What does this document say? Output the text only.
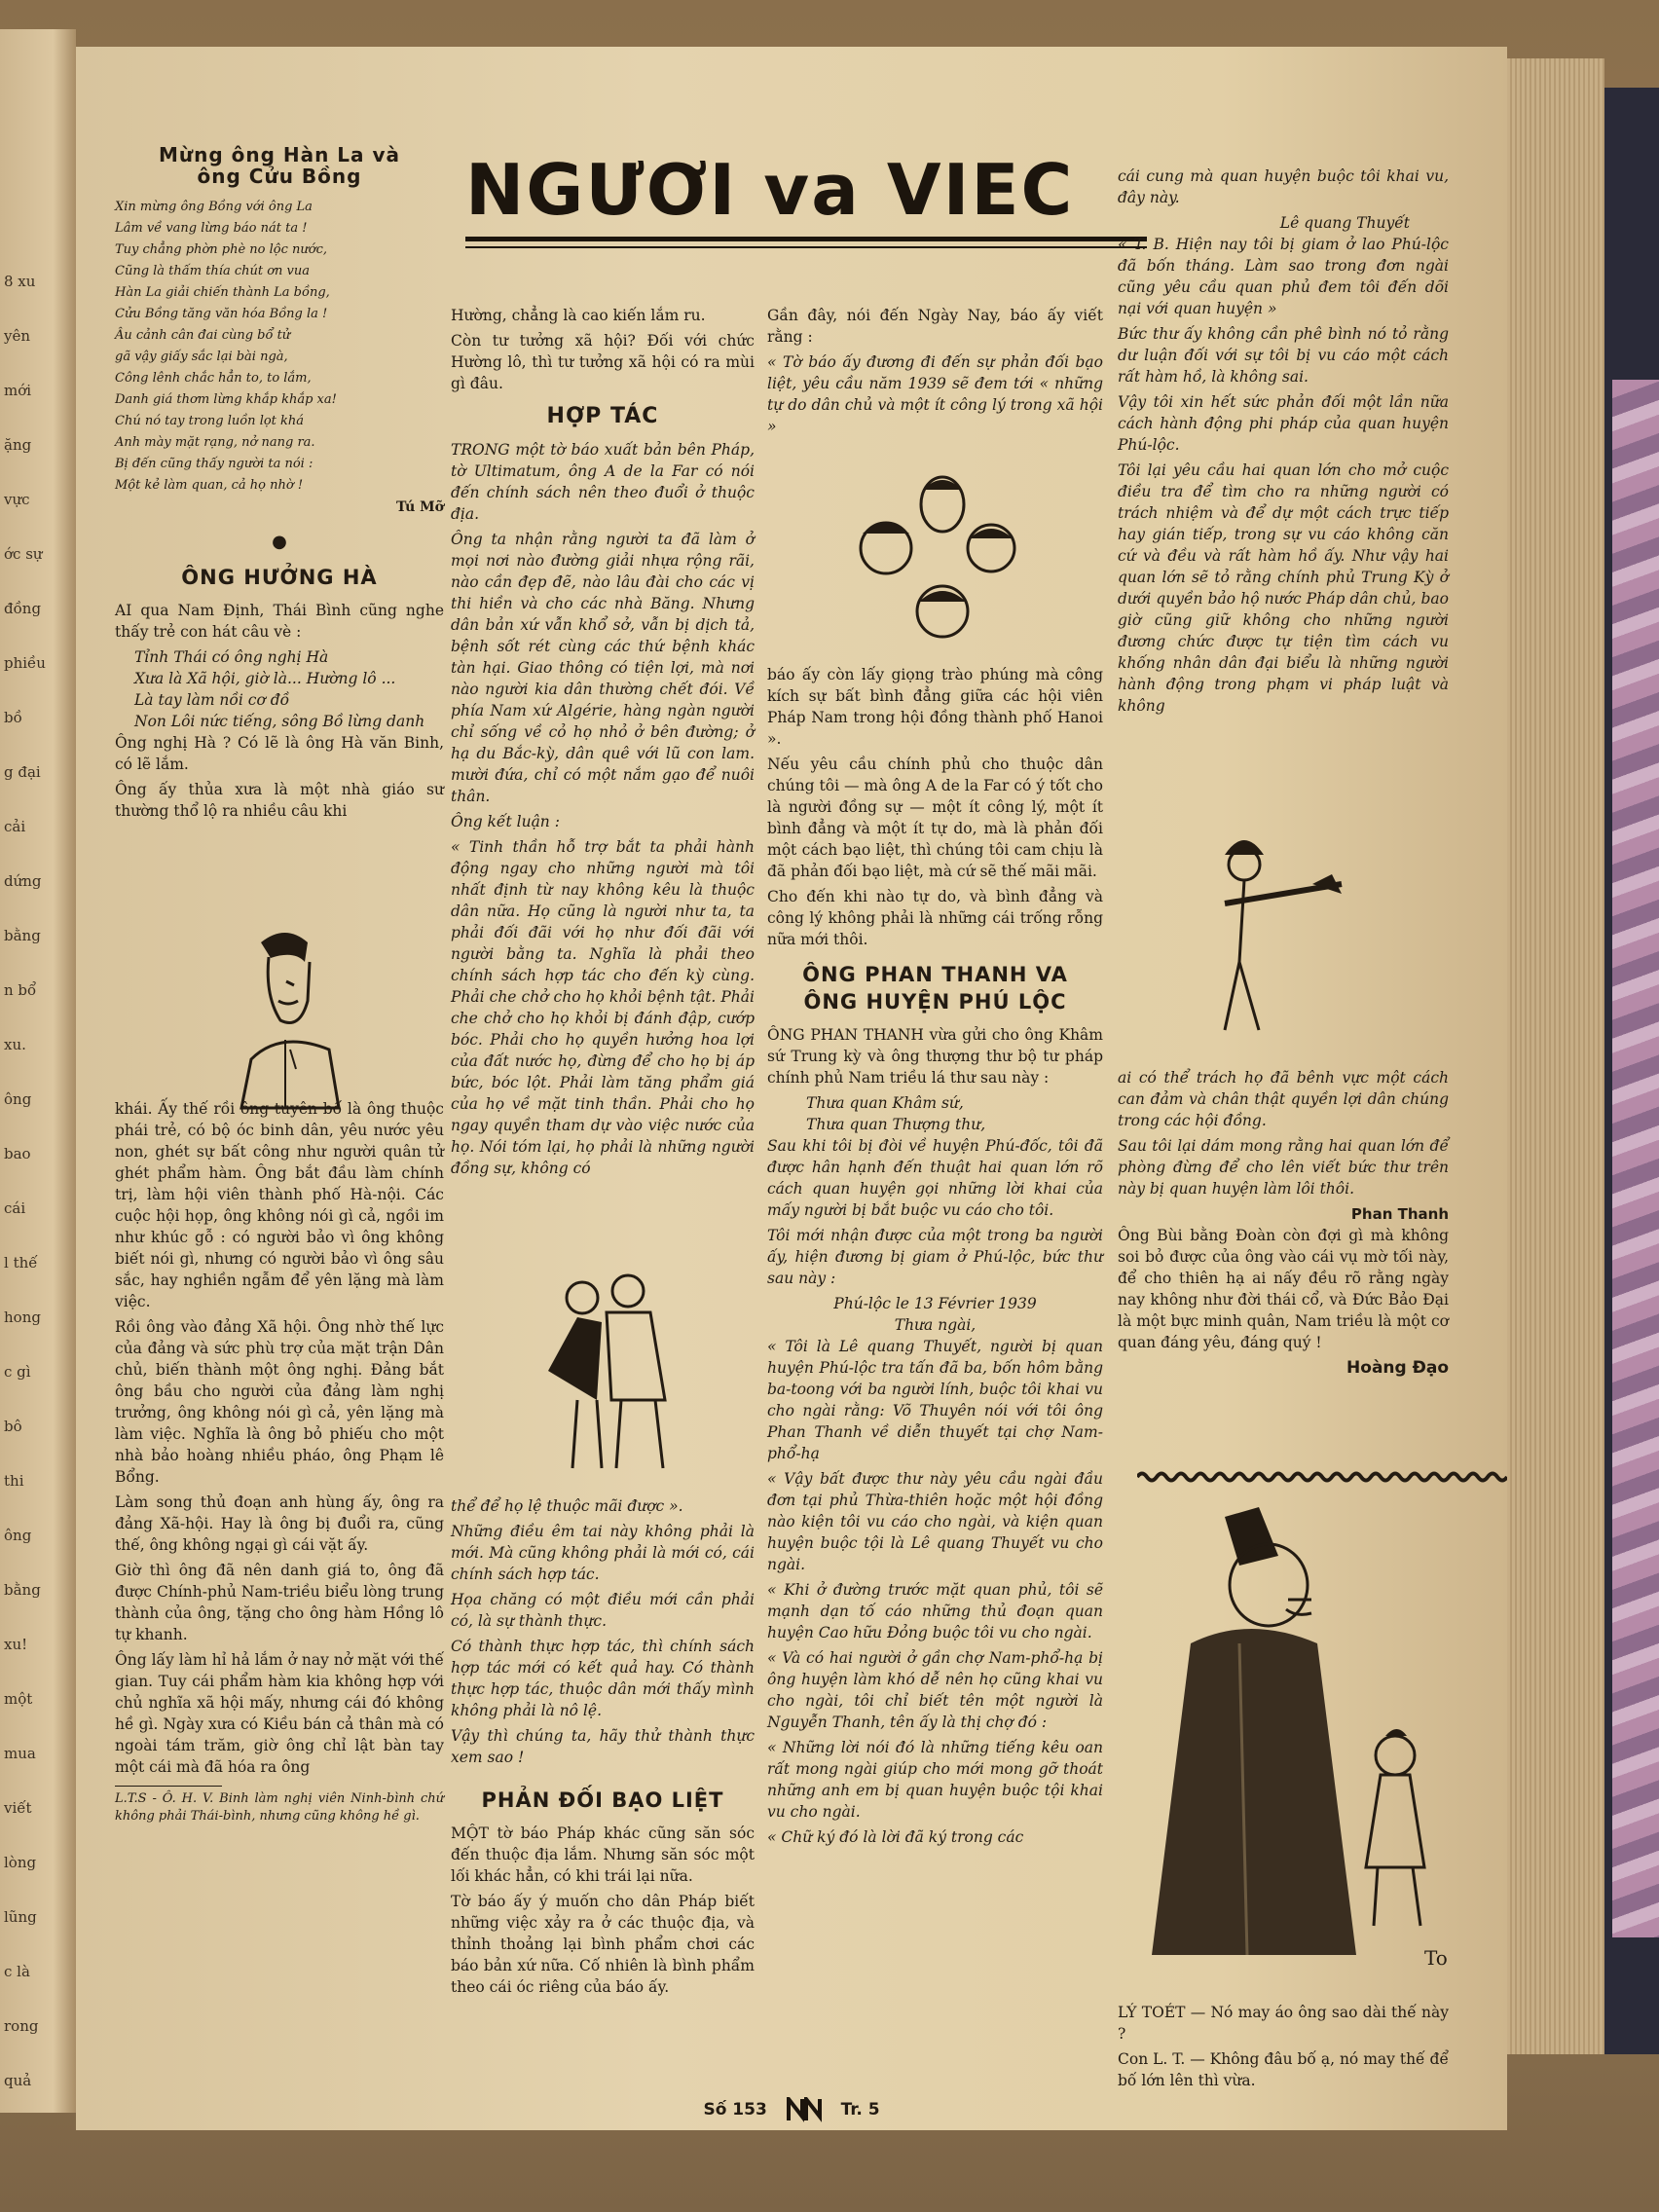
8 xu
yên
mới
ặng
vực
ớc sự
đồng
phiều
bồ
g đại
cải
dứng
bằng
n bổ
xu.
ông
bao
cái
l thế
hong
c gì
bô
thi
ông
bằng
xu!
một
mua
viết
lòng
lũng
c là
rong
quả
Mừng ông Hàn La và
ông Cửu Bồng
Xin mừng ông Bồng với ông La
Lâm về vang lừng báo nát ta !
Tuy chẳng phờn phè no lộc nước,
Cũng là thấm thía chút ơn vua
Hàn La giải chiến thành La bồng,
Cửu Bồng tăng văn hóa Bồng la !
Âu cảnh cân đai cùng bổ tử
gã vậy giấy sắc lại bài ngà,
Công lênh chắc hẳn to, to lắm,
Danh giá thơm lừng khắp khắp xa!
Chú nó tay trong luồn lọt khá
Anh mày mặt rạng, nở nang ra.
Bị đến cũng thấy người ta nói :
Một kẻ làm quan, cả họ nhờ !
Tú Mỡ
●
ÔNG HƯỞNG HÀ

AI qua Nam Định, Thái Bình cũng nghe thấy trẻ con hát câu vè :

Tỉnh Thái có ông nghị Hà
Xưa là Xã hội, giờ là... Hường lô ...
Là tay làm nồi cơ đồ
Non Lôi nức tiếng, sông Bồ lừng danh

Ông nghị Hà ? Có lẽ là ông Hà văn Binh, có lẽ lắm.

Ông ấy thủa xưa là một nhà giáo sư thường thổ lộ ra nhiều câu khi

khái. Ấy thế rồi ông tuyên bố là ông thuộc phái trẻ, có bộ óc binh dân, yêu nước yêu non, ghét sự bất công như người quân tử ghét phẩm hàm. Ông bắt đầu làm chính trị, làm hội viên thành phố Hà-nội. Các cuộc hội họp, ông không nói gì cả, ngồi im như khúc gỗ : có người bảo vì ông không biết nói gì, nhưng có người bảo vì ông sâu sắc, hay nghiền ngẫm để yên lặng mà làm việc.

Rồi ông vào đảng Xã hội. Ông nhờ thế lực của đảng và sức phù trợ của mặt trận Dân chủ, biến thành một ông nghị. Đảng bắt ông bầu cho người của đảng làm nghị trưởng, ông không nói gì cả, yên lặng mà làm việc. Nghĩa là ông bỏ phiếu cho một nhà bảo hoàng nhiều pháo, ông Phạm lê Bổng.

Làm song thủ đoạn anh hùng ấy, ông ra đảng Xã-hội. Hay là ông bị đuổi ra, cũng thế, ông không ngại gì cái vặt ấy.

Giờ thì ông đã nên danh giá to, ông đã được Chính-phủ Nam-triều biểu lòng trung thành của ông, tặng cho ông hàm Hồng lô tự khanh.

Ông lấy làm hỉ hả lắm ở nay nở mặt với thế gian. Tuy cái phẩm hàm kia không hợp với chủ nghĩa xã hội mấy, nhưng cái đó không hề gì. Ngày xưa có Kiều bán cả thân mà có ngoài tám trăm, giờ ông chỉ lật bàn tay một cái mà đã hóa ra ông

L.T.S - Ô. H. V. Binh làm nghị viên Ninh-bình chứ không phải Thái-bình, nhưng cũng không hề gì.

NGƯƠI va VIEC

Hường, chẳng là cao kiến lắm ru.

Còn tư tưởng xã hội? Đối với chức Hường lô, thì tư tưởng xã hội có ra mùi gì đâu.

HỢP TÁC

TRONG một tờ báo xuất bản bên Pháp, tờ Ultimatum, ông A de la Far có nói đến chính sách nên theo đuổi ở thuộc địa.

Ông ta nhận rằng người ta đã làm ở mọi nơi nào đường giải nhựa rộng rãi, nào cần đẹp đẽ, nào lâu đài cho các vị thi hiền và cho các nhà Băng. Nhưng dân bản xứ vẫn khổ sở, vẫn bị dịch tả, bệnh sốt rét cùng các thứ bệnh khác tàn hại. Giao thông có tiện lợi, mà nơi nào người kia dân thường chết đói. Về phía Nam xứ Algérie, hàng ngàn người chỉ sống về cỏ họ nhỏ ở bên đường; ở hạ du Bắc-kỳ, dân quê với lũ con lam. mười đứa, chỉ có một nắm gạo để nuôi thân.

Ông kết luận :

« Tinh thần hỗ trợ bắt ta phải hành động ngay cho những người mà tôi nhất định từ nay không kêu là thuộc dân nữa. Họ cũng là người như ta, ta phải đối đãi với họ như đối đãi với người bằng ta. Nghĩa là phải theo chính sách hợp tác cho đến kỳ cùng. Phải che chở cho họ khỏi bệnh tật. Phải che chở cho họ khỏi bị đánh đập, cướp bóc. Phải cho họ quyền hưởng hoa lợi của đất nước họ, đừng để cho họ bị áp bức, bóc lột. Phải làm tăng phẩm giá của họ về mặt tinh thần. Phải cho họ ngay quyền tham dự vào việc nước của họ. Nói tóm lại, họ phải là những người đồng sự, không có

thể để họ lệ thuộc mãi được ».

Những điều êm tai này không phải là mới. Mà cũng không phải là mới có, cái chính sách hợp tác.

Họa chăng có một điều mới cần phải có, là sự thành thực.

Có thành thực hợp tác, thì chính sách hợp tác mới có kết quả hay. Có thành thực hợp tác, thuộc dân mới thấy mình không phải là nô lệ.

Vậy thì chúng ta, hãy thử thành thực xem sao !

PHẢN ĐỐI BẠO LIỆT

MỘT tờ báo Pháp khác cũng săn sóc đến thuộc địa lắm. Nhưng săn sóc một lối khác hẳn, có khi trái lại nữa.

Tờ báo ấy ý muốn cho dân Pháp biết những việc xảy ra ở các thuộc địa, và thỉnh thoảng lại bình phẩm chơi các báo bản xứ nữa. Cố nhiên là bình phẩm theo cái óc riêng của báo ấy.

Gần đây, nói đến Ngày Nay, báo ấy viết rằng :

« Tờ báo ấy đương đi đến sự phản đối bạo liệt, yêu cầu năm 1939 sẽ đem tới « những tự do dân chủ và một ít công lý trong xã hội »

báo ấy còn lấy giọng trào phúng mà công kích sự bất bình đẳng giữa các hội viên Pháp Nam trong hội đồng thành phố Hanoi ».

Nếu yêu cầu chính phủ cho thuộc dân chúng tôi — mà ông A de la Far có ý tốt cho là người đồng sự — một ít công lý, một ít bình đẳng và một ít tự do, mà là phản đối một cách bạo liệt, thì chúng tôi cam chịu là đã phản đối bạo liệt, mà cứ sẽ thế mãi mãi.

Cho đến khi nào tự do, và bình đẳng và công lý không phải là những cái trống rỗng nữa mới thôi.

ÔNG PHAN THANH VA
ÔNG HUYỆN PHÚ LỘC

ÔNG PHAN THANH vừa gửi cho ông Khâm sứ Trung kỳ và ông thượng thư bộ tư pháp chính phủ Nam triều lá thư sau này :

Thưa quan Khâm sứ,
Thưa quan Thượng thư,

Sau khi tôi bị đòi về huyện Phú-đốc, tôi đã được hân hạnh đến thuật hai quan lớn rõ cách quan huyện gọi những lời khai của mấy người bị bắt buộc vu cáo cho tôi.

Tôi mới nhận được của một trong ba người ấy, hiện đương bị giam ở Phú-lộc, bức thư sau này :

Phú-lộc le 13 Février 1939
Thưa ngài,

« Tôi là Lê quang Thuyết, người bị quan huyện Phú-lộc tra tấn đã ba, bốn hôm bằng ba-toong với ba người lính, buộc tôi khai vu cho ngài rằng: Võ Thuyên nói với tôi ông Phan Thanh về diễn thuyết tại chợ Nam-phổ-hạ

« Vậy bất được thư này yêu cầu ngài đầu đơn tại phủ Thừa-thiên hoặc một hội đồng nào kiện tôi vu cáo cho ngài, và kiện quan huyện buộc tội là Lê quang Thuyết vu cho ngài.

« Khi ở đường trước mặt quan phủ, tôi sẽ mạnh dạn tố cáo những thủ đoạn quan huyện Cao hữu Đỏng buộc tôi vu cho ngài.

« Và có hai người ở gần chợ Nam-phổ-hạ bị ông huyện làm khó dễ nên họ cũng khai vu cho ngài, tôi chỉ biết tên một người là Nguyễn Thanh, tên ấy là thị chợ đó :

« Những lời nói đó là những tiếng kêu oan rất mong ngài giúp cho mới mong gỡ thoát những anh em bị quan huyện buộc tội khai vu cho ngài.

« Chữ ký đó là lời đã ký trong các

cái cung mà quan huyện buộc tôi khai vu, đây này.

Lê quang Thuyết

« T. B. Hiện nay tôi bị giam ở lao Phú-lộc đã bốn tháng. Làm sao trong đơn ngài cũng yêu cầu quan phủ đem tôi đến dõi nại với quan huyện »

Bức thư ấy không cần phê bình nó tỏ rằng dư luận đối với sự tôi bị vu cáo một cách rất hàm hồ, là không sai.

Vậy tôi xin hết sức phản đối một lần nữa cách hành động phi pháp của quan huyện Phú-lộc.

Tôi lại yêu cầu hai quan lớn cho mở cuộc điều tra để tìm cho ra những người có trách nhiệm và để dự một cách trực tiếp hay gián tiếp, trong sự vu cáo không căn cứ và đều và rất hàm hồ ấy. Như vậy hai quan lớn sẽ tỏ rằng chính phủ Trung Kỳ ở dưới quyền bảo hộ nước Pháp dân chủ, bao giờ cũng giữ không cho những người đương chức được tự tiện tìm cách vu khống nhân dân đại biểu là những người hành động trong phạm vi pháp luật và không

ai có thể trách họ đã bênh vực một cách can đảm và chân thật quyền lợi dân chúng trong các hội đồng.

Sau tôi lại dám mong rằng hai quan lớn để phòng đừng để cho lên viết bức thư trên này bị quan huyện làm lôi thôi.

Phan Thanh

Ông Bùi bằng Đoàn còn đợi gì mà không soi bỏ được của ông vào cái vụ mờ tối này, để cho thiên hạ ai nấy đều rõ rằng ngày nay không như đời thái cổ, và Đức Bảo Đại là một bực minh quân, Nam triều là một cơ quan đáng yêu, đáng quý !

Hoàng Đạo
To

LÝ TOÉT — Nó may áo ông sao dài thế này ?

Con L. T. — Không đâu bố ạ, nó may thế để bố lớn lên thì vừa.

Số 153	Tr. 5
